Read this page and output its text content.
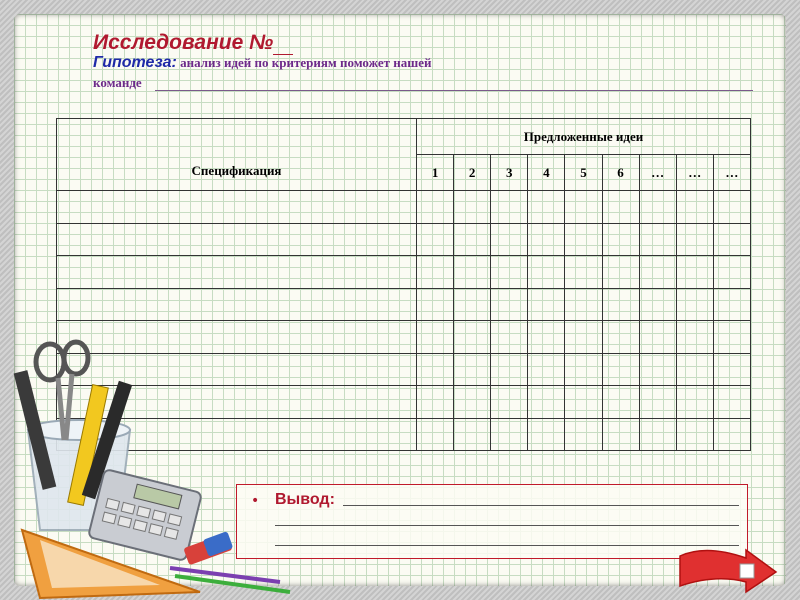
Исследование №
Гипотеза: анализ идей по критериям поможет нашей
команде
Спецификация	Предложенные идеи								
	1	2	3	4	5	6	…	…	…

• Вывод:
